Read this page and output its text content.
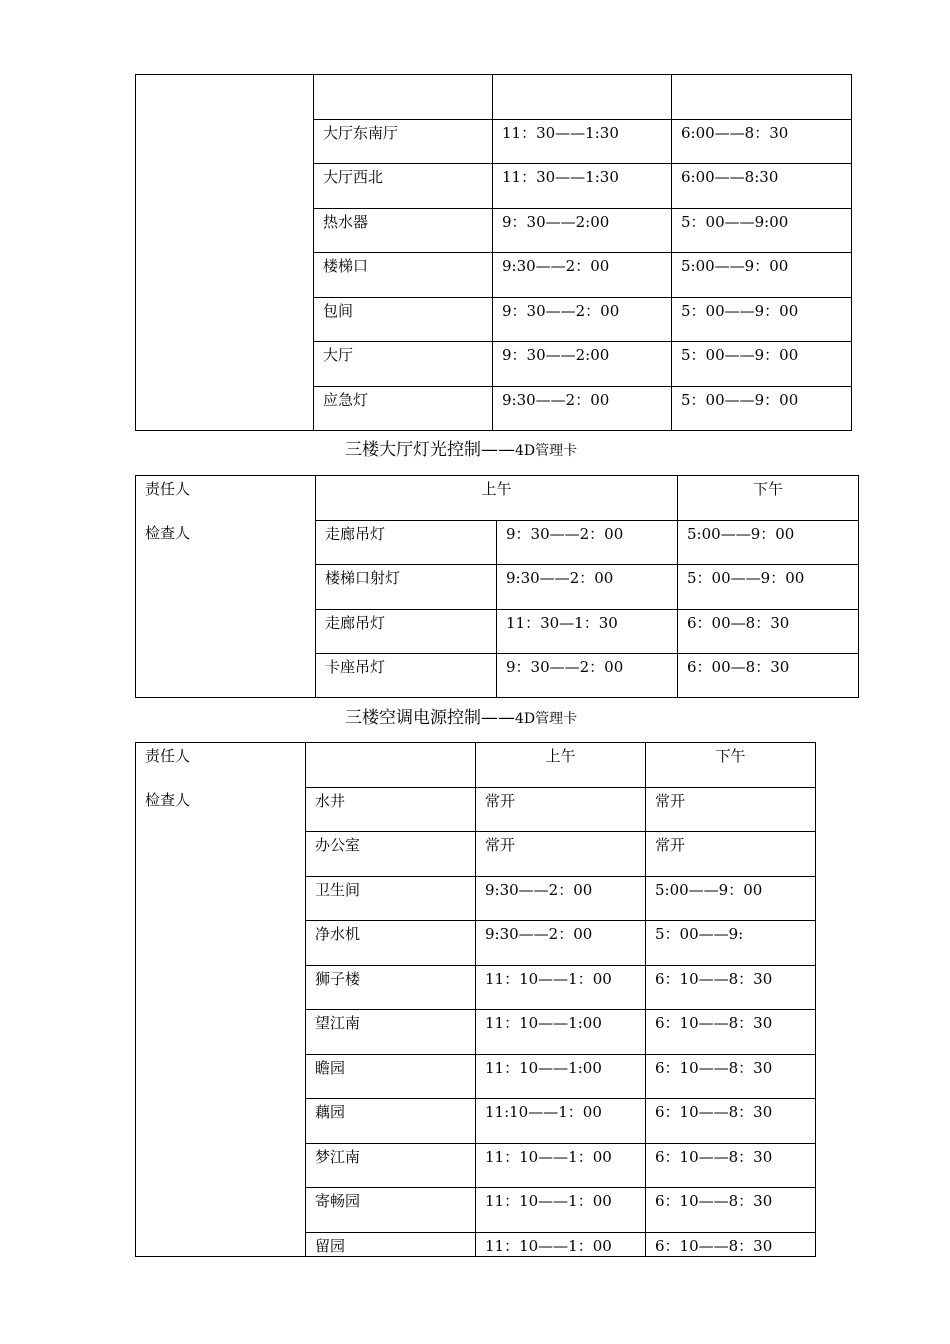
	大厅东南厅	11：30——1:30	6:00——8：30
	大厅西北	11：30——1:30	6:00——8:30
	热水器	9：30——2:00	5：00——9:00
	楼梯口	9:30——2：00	5:00——9：00
	包间	9：30——2：00	5：00——9：00
	大厅	9：30——2:00	5：00——9：00
	应急灯	9:30——2：00	5：00——9：00
三楼大厅灯光控制——4D管理卡
责任人
检查人	上午		下午
	走廊吊灯	9：30——2：00	5:00——9：00
	楼梯口射灯	9:30——2：00	5：00——9：00
	走廊吊灯	11：30—1：30	6：00—8：30
	卡座吊灯	9：30——2：00	6：00—8：30
三楼空调电源控制——4D管理卡
责任人
检查人		上午	下午
	水井	常开	常开
	办公室	常开	常开
	卫生间	9:30——2：00	5:00——9：00
	净水机	9:30——2：00	5：00——9:
	狮子楼	11：10——1：00	6：10——8：30
	望江南	11：10——1:00	6：10——8：30
	瞻园	11：10——1:00	6：10——8：30
	藕园	11:10——1：00	6：10——8：30
	梦江南	11：10——1：00	6：10——8：30
	寄畅园	11：10——1：00	6：10——8：30
	留园	11：10——1：00	6：10——8：30
